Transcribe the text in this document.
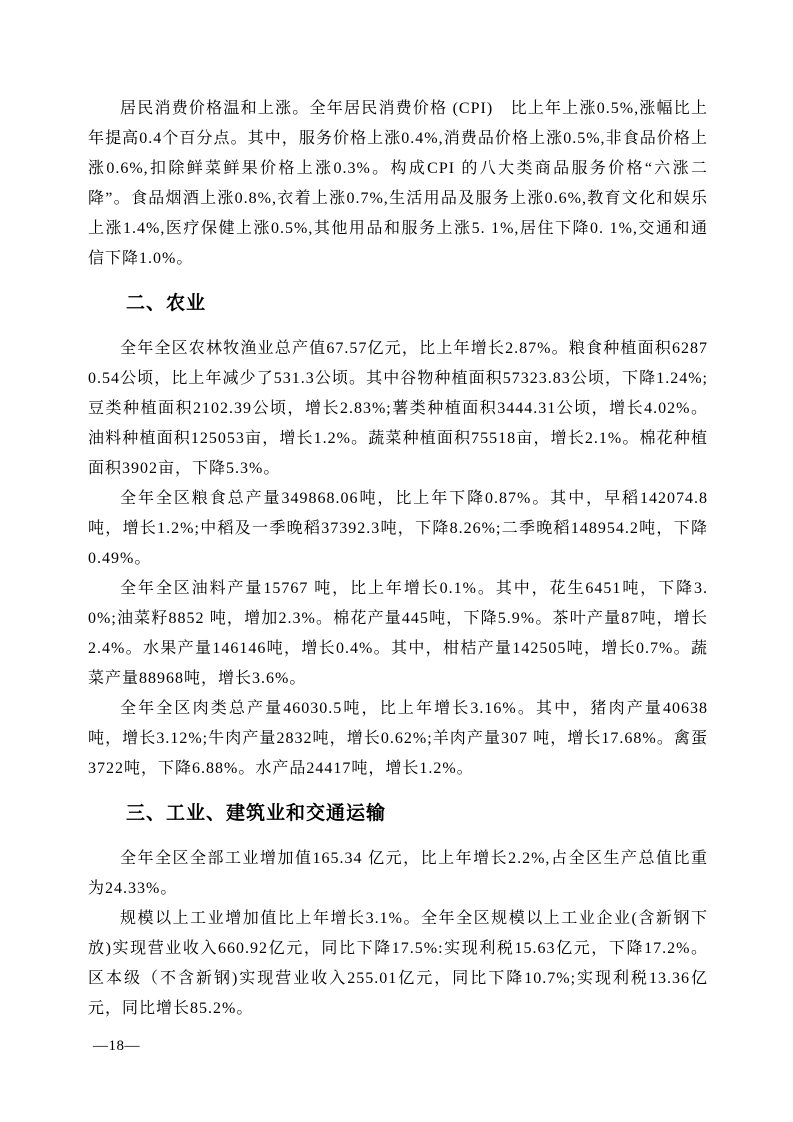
居民消费价格温和上涨。全年居民消费价格 (CPI)　比上年上涨0.5%,涨幅比上年提高0.4个百分点。其中，服务价格上涨0.4%,消费品价格上涨0.5%,非食品价格上涨0.6%,扣除鲜菜鲜果价格上涨0.3%。构成CPI 的八大类商品服务价格“六涨二降”。食品烟酒上涨0.8%,衣着上涨0.7%,生活用品及服务上涨0.6%,教育文化和娱乐上涨1.4%,医疗保健上涨0.5%,其他用品和服务上涨5. 1%,居住下降0. 1%,交通和通信下降1.0%。

二、农业

全年全区农林牧渔业总产值67.57亿元，比上年增长2.87%。粮食种植面积62870.54公顷，比上年减少了531.3公顷。其中谷物种植面积57323.83公顷，下降1.24%;豆类种植面积2102.39公顷，增长2.83%;薯类种植面积3444.31公顷，增长4.02%。油料种植面积125053亩，增长1.2%。蔬菜种植面积75518亩，增长2.1%。棉花种植面积3902亩，下降5.3%。

全年全区粮食总产量349868.06吨，比上年下降0.87%。其中，早稻142074.8吨，增长1.2%;中稻及一季晚稻37392.3吨，下降8.26%;二季晚稻148954.2吨，下降0.49%。

全年全区油料产量15767 吨，比上年增长0.1%。其中，花生6451吨，下降3.0%;油菜籽8852 吨，增加2.3%。棉花产量445吨，下降5.9%。茶叶产量87吨，增长2.4%。水果产量146146吨，增长0.4%。其中，柑桔产量142505吨，增长0.7%。蔬菜产量88968吨，增长3.6%。

全年全区肉类总产量46030.5吨，比上年增长3.16%。其中，猪肉产量40638吨，增长3.12%;牛肉产量2832吨，增长0.62%;羊肉产量307 吨，增长17.68%。禽蛋3722吨，下降6.88%。水产品24417吨，增长1.2%。

三、工业、建筑业和交通运输

全年全区全部工业增加值165.34 亿元，比上年增长2.2%,占全区生产总值比重为24.33%。

规模以上工业增加值比上年增长3.1%。全年全区规模以上工业企业(含新钢下放)实现营业收入660.92亿元，同比下降17.5%:实现利税15.63亿元，下降17.2%。区本级（不含新钢)实现营业收入255.01亿元，同比下降10.7%;实现利税13.36亿元，同比增长85.2%。

—18—
